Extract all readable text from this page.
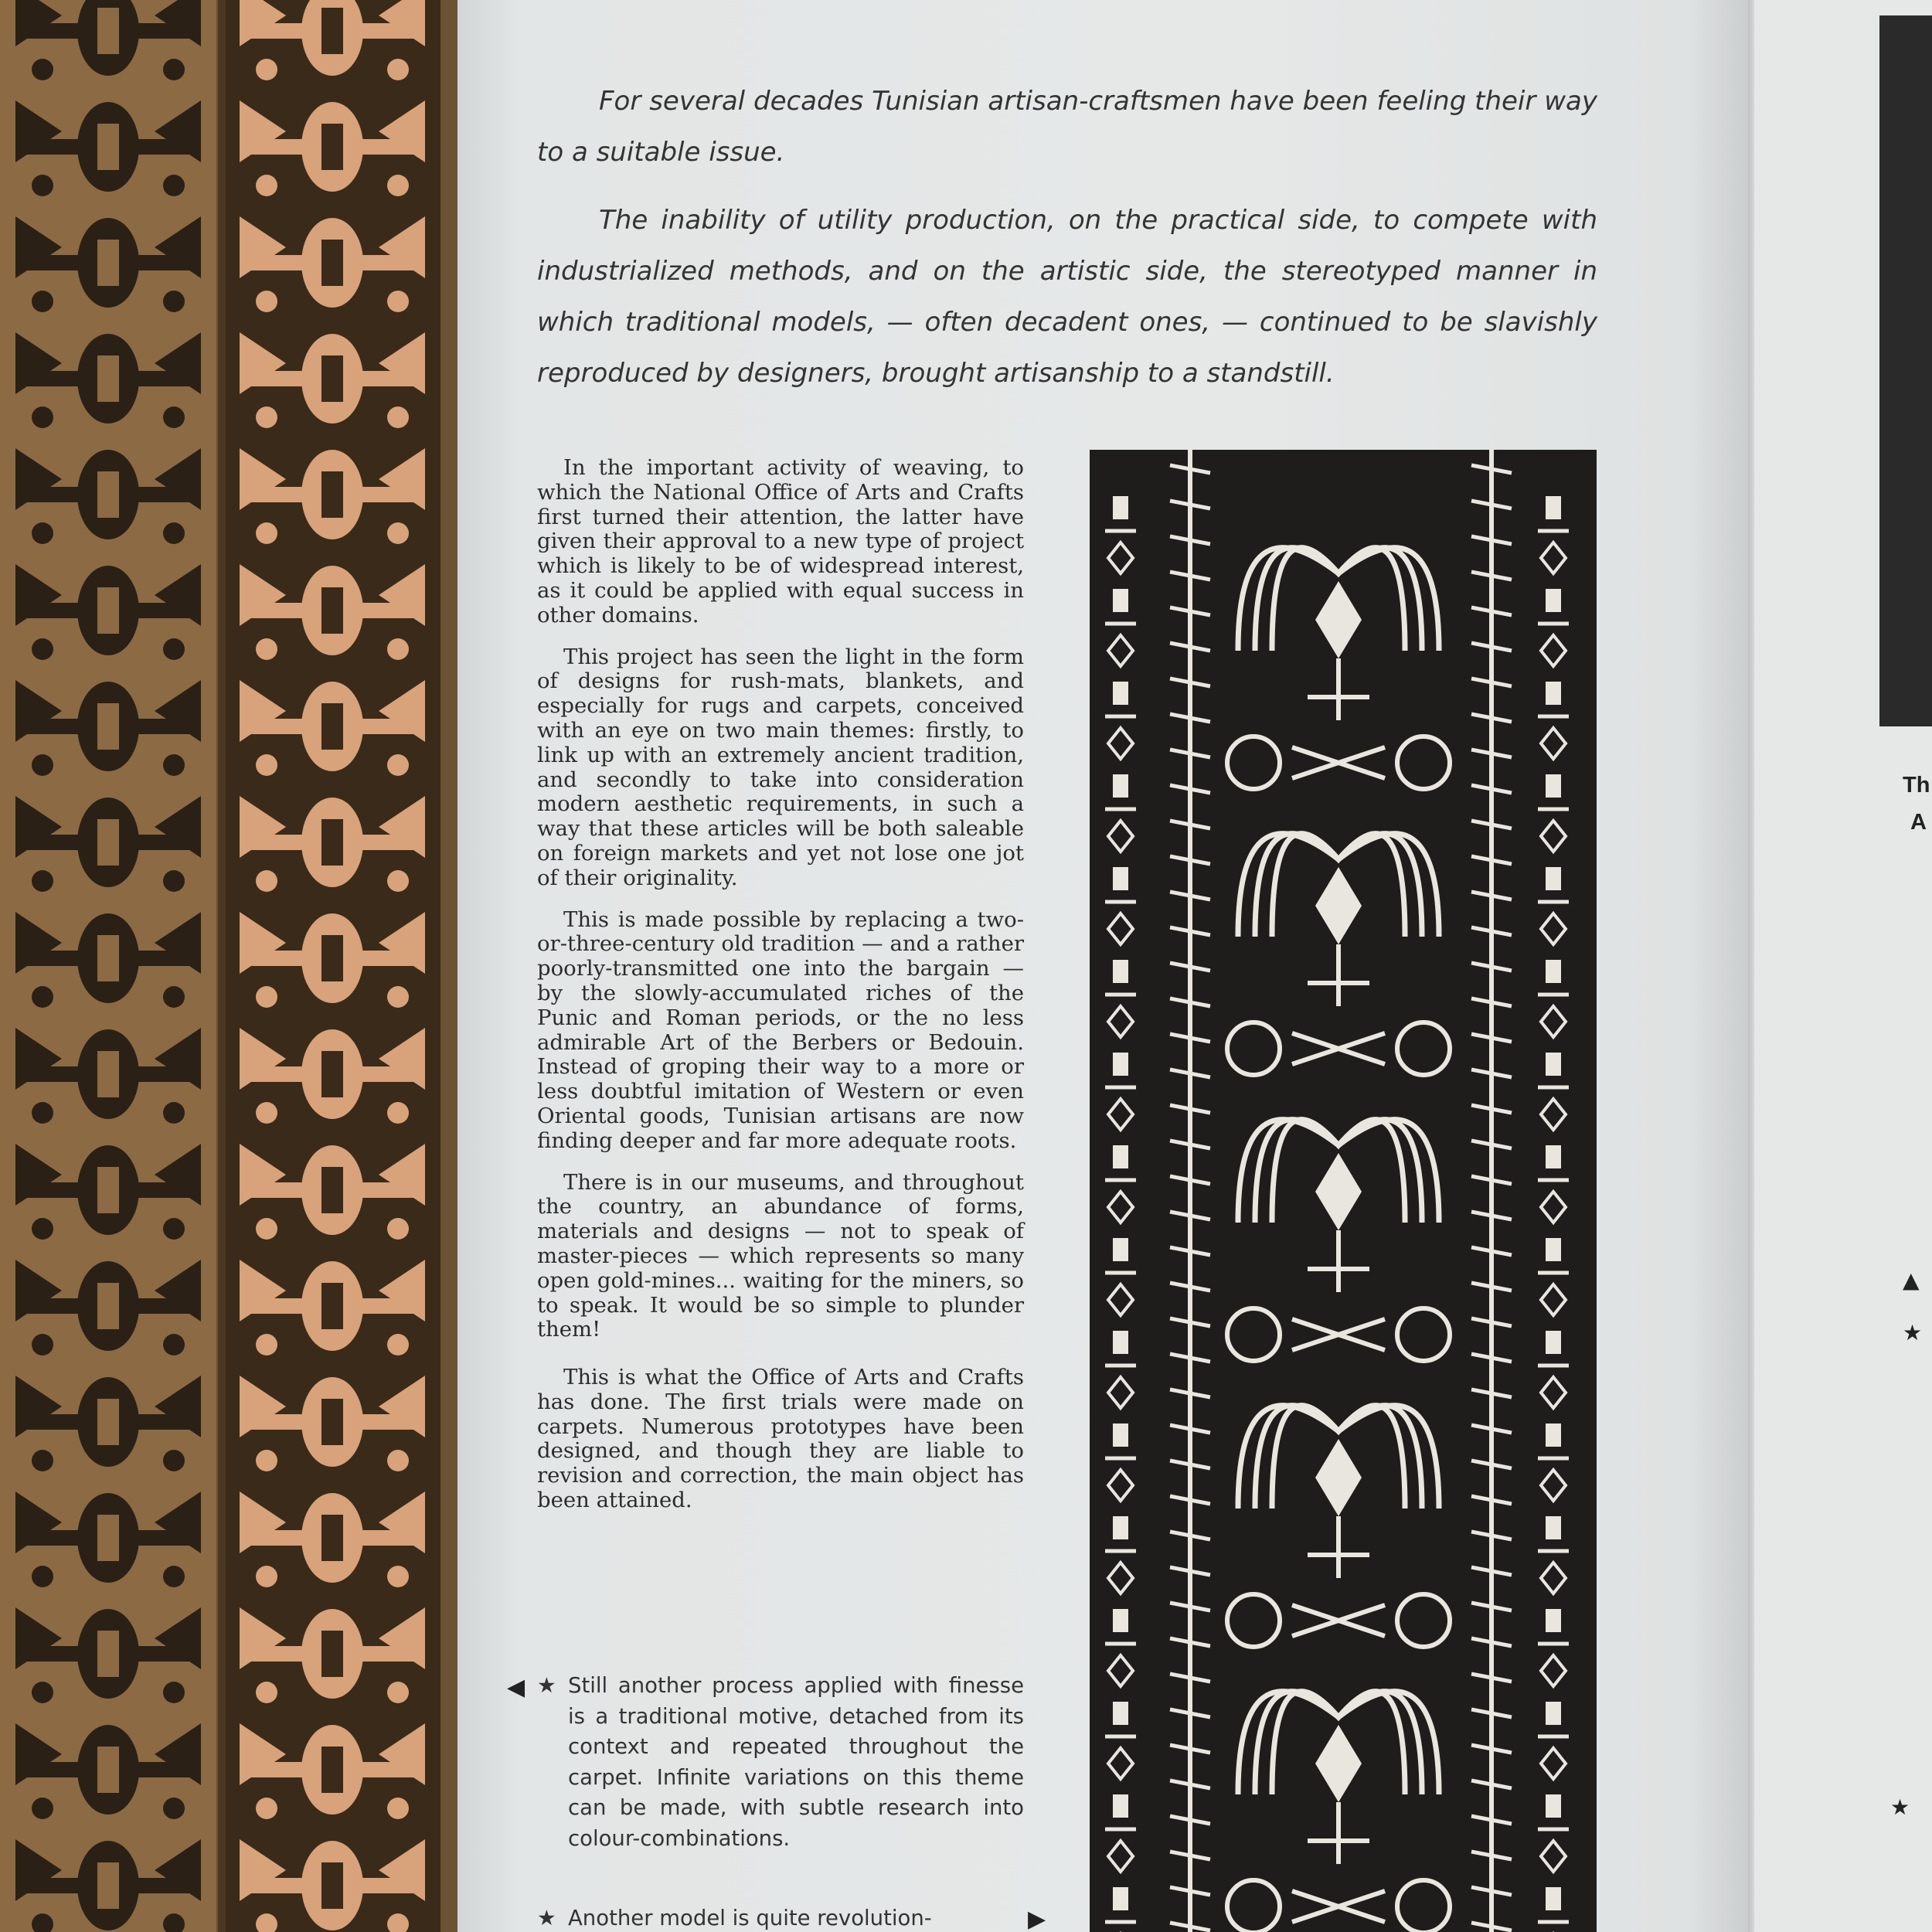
Th
A
▲
★
★
For several decades Tunisian artisan-craftsmen have been feeling their way to a suitable issue.
The inability of utility production, on the practical side, to compete with industrialized methods, and on the artistic side, the stereotyped manner in which traditional models, — often decadent ones, — continued to be slavishly reproduced by designers, brought artisanship to a standstill.

In the important activity of weaving, to which the National Office of Arts and Crafts first turned their attention, the latter have given their approval to a new type of project which is likely to be of widespread interest, as it could be applied with equal success in other domains.

This project has seen the light in the form of designs for rush-mats, blankets, and especially for rugs and carpets, conceived with an eye on two main themes: firstly, to link up with an extremely ancient tradition, and secondly to take into consideration modern aesthetic requirements, in such a way that these articles will be both saleable on foreign markets and yet not lose one jot of their originality.

This is made possible by replacing a two-or-three-century old tradition — and a rather poorly-transmitted one into the bargain — by the slowly-accumulated riches of the Punic and Roman periods, or the no less admirable Art of the Berbers or Bedouin. Instead of groping their way to a more or less doubtful imitation of Western or even Oriental goods, Tunisian artisans are now finding deeper and far more adequate roots.

There is in our museums, and throughout the country, an abundance of forms, materials and designs — not to speak of master-pieces — which represents so many open gold-mines... waiting for the miners, so to speak. It would be so simple to plunder them!

This is what the Office of Arts and Crafts has done. The first trials were made on carpets. Numerous prototypes have been designed, and though they are liable to revision and correction, the main object has been attained.

◀ ★ Still another process applied with finesse is a traditional motive, detached from its context and repeated throughout the carpet. Infinite variations on this theme can be made, with subtle research into colour-combinations.
★ Another model is quite revolution-	▶
